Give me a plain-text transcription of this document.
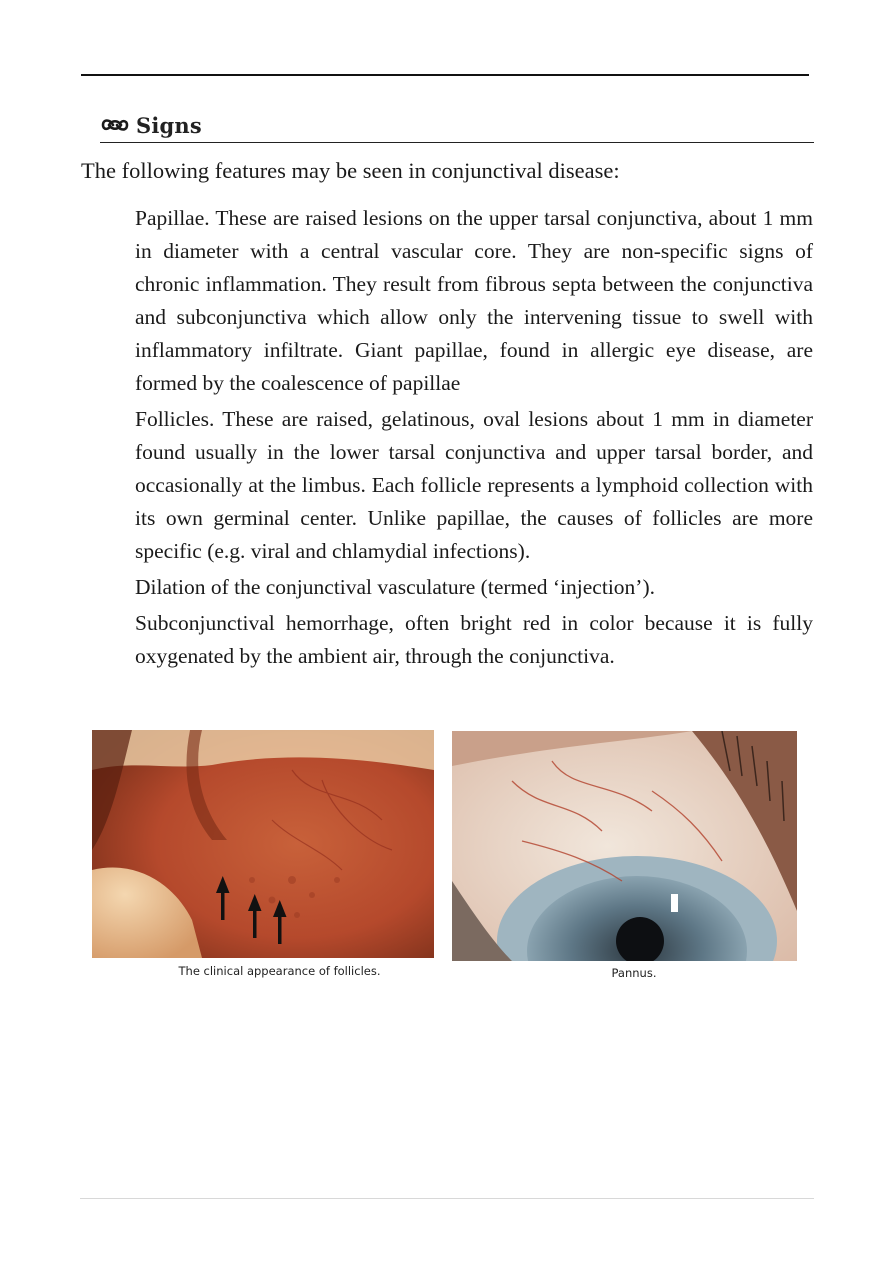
Signs

The following features may be seen in conjunctival disease:

Papillae. These are raised lesions on the upper tarsal conjunctiva, about 1 mm in diameter with a central vascular core. They are non-specific signs of chronic inflammation. They result from fibrous septa between the conjunctiva and subconjunctiva which allow only the intervening tissue to swell with inflammatory infiltrate. Giant papillae, found in allergic eye disease, are formed by the coalescence of papillae

Follicles. These are raised, gelatinous, oval lesions about 1 mm in diameter found usually in the lower tarsal conjunctiva and upper tarsal border, and occasionally at the limbus. Each follicle represents a lymphoid collection with its own germinal center. Unlike papillae, the causes of follicles are more specific (e.g. viral and chlamydial infections).

Dilation of the conjunctival vasculature (termed ‘injection’).

Subconjunctival hemorrhage, often bright red in color because it is fully oxygenated by the ambient air, through the conjunctiva.

The clinical appearance of follicles.	Pannus.
